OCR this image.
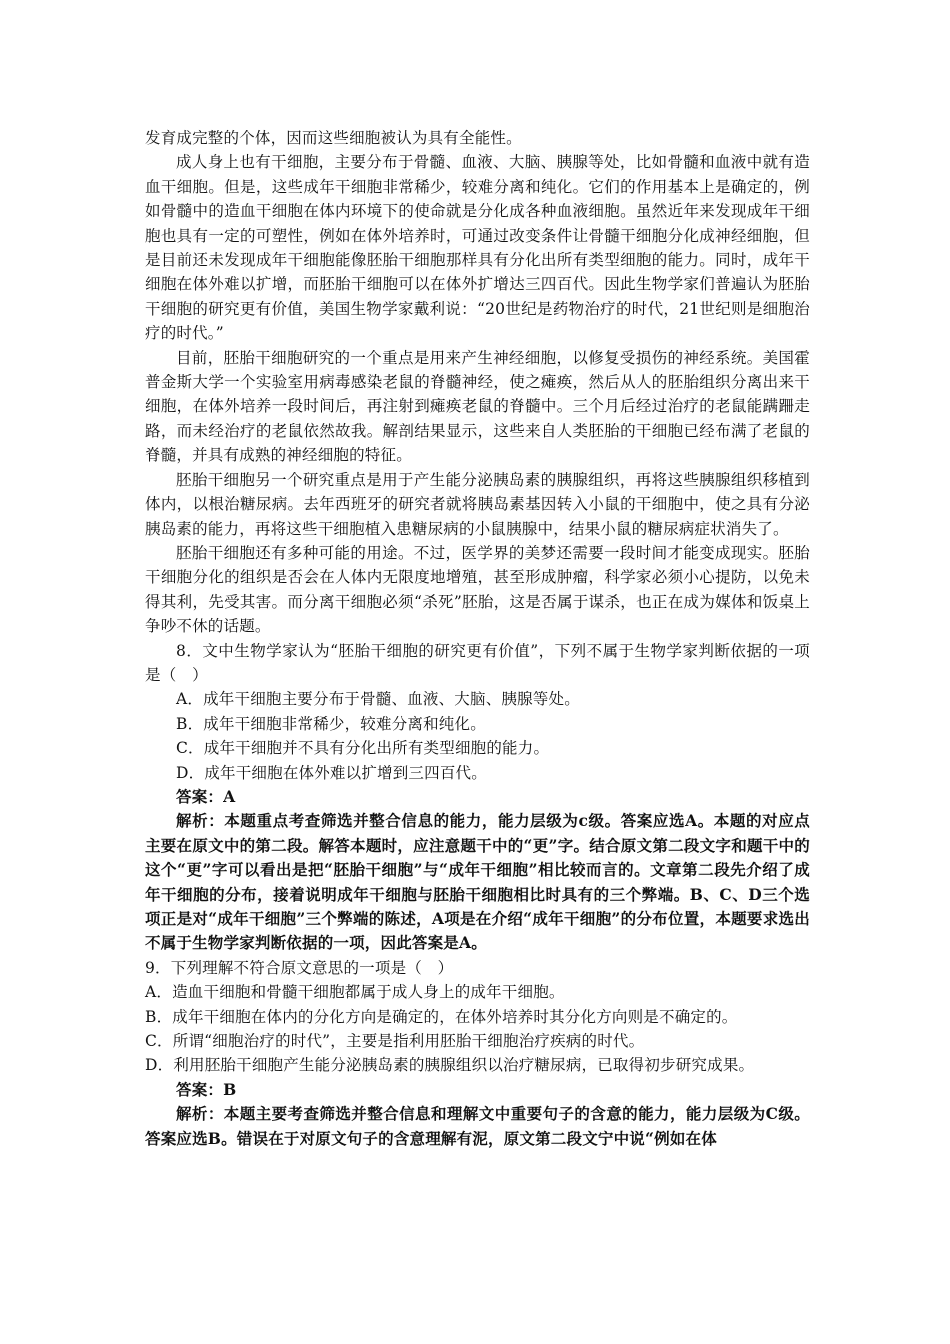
发育成完整的个体，因而这些细胞被认为具有全能性。

成人身上也有干细胞，主要分布于骨髓、血液、大脑、胰腺等处，比如骨髓和血液中就有造血干细胞。但是，这些成年干细胞非常稀少，较难分离和纯化。它们的作用基本上是确定的，例如骨髓中的造血干细胞在体内环境下的使命就是分化成各种血液细胞。虽然近年来发现成年干细胞也具有一定的可塑性，例如在体外培养时，可通过改变条件让骨髓干细胞分化成神经细胞，但是目前还未发现成年干细胞能像胚胎干细胞那样具有分化出所有类型细胞的能力。同时，成年干细胞在体外难以扩增，而胚胎干细胞可以在体外扩增达三四百代。因此生物学家们普遍认为胚胎干细胞的研究更有价值，美国生物学家戴利说：“20世纪是药物治疗的时代，21世纪则是细胞治疗的时代。”

目前，胚胎干细胞研究的一个重点是用来产生神经细胞，以修复受损伤的神经系统。美国霍普金斯大学一个实验室用病毒感染老鼠的脊髓神经，使之瘫痪，然后从人的胚胎组织分离出来干细胞，在体外培养一段时间后，再注射到瘫痪老鼠的脊髓中。三个月后经过治疗的老鼠能蹒跚走路，而未经治疗的老鼠依然故我。解剖结果显示，这些来自人类胚胎的干细胞已经布满了老鼠的脊髓，并具有成熟的神经细胞的特征。

胚胎干细胞另一个研究重点是用于产生能分泌胰岛素的胰腺组织，再将这些胰腺组织移植到体内，以根治糖尿病。去年西班牙的研究者就将胰岛素基因转入小鼠的干细胞中，使之具有分泌胰岛素的能力，再将这些干细胞植入患糖尿病的小鼠胰腺中，结果小鼠的糖尿病症状消失了。

胚胎干细胞还有多种可能的用途。不过，医学界的美梦还需要一段时间才能变成现实。胚胎干细胞分化的组织是否会在人体内无限度地增殖，甚至形成肿瘤，科学家必须小心提防，以免未得其利，先受其害。而分离干细胞必须“杀死”胚胎，这是否属于谋杀，也正在成为媒体和饭桌上争吵不休的话题。

8．文中生物学家认为“胚胎干细胞的研究更有价值”，下列不属于生物学家判断依据的一项是（　）

A．成年干细胞主要分布于骨髓、血液、大脑、胰腺等处。

B．成年干细胞非常稀少，较难分离和纯化。

C．成年干细胞并不具有分化出所有类型细胞的能力。

D．成年干细胞在体外难以扩增到三四百代。

答案：A

解析：本题重点考查筛选并整合信息的能力，能力层级为c级。答案应选A。本题的对应点主要在原文中的第二段。解答本题时，应注意题干中的“更”字。结合原文第二段文字和题干中的这个“更”字可以看出是把“胚胎干细胞”与“成年干细胞”相比较而言的。文章第二段先介绍了成年干细胞的分布，接着说明成年干细胞与胚胎干细胞相比时具有的三个弊端。B、C、D三个选项正是对“成年干细胞”三个弊端的陈述，A项是在介绍“成年干细胞”的分布位置，本题要求选出不属于生物学家判断依据的一项，因此答案是A。

9．下列理解不符合原文意思的一项是（　）

A．造血干细胞和骨髓干细胞都属于成人身上的成年干细胞。

B．成年干细胞在体内的分化方向是确定的，在体外培养时其分化方向则是不确定的。

C．所谓“细胞治疗的时代”，主要是指利用胚胎干细胞治疗疾病的时代。

D．利用胚胎干细胞产生能分泌胰岛素的胰腺组织以治疗糖尿病，已取得初步研究成果。

答案：B

解析：本题主要考查筛选并整合信息和理解文中重要句子的含意的能力，能力层级为C级。答案应选B。错误在于对原文句子的含意理解有泥，原文第二段文宁中说“例如在体
